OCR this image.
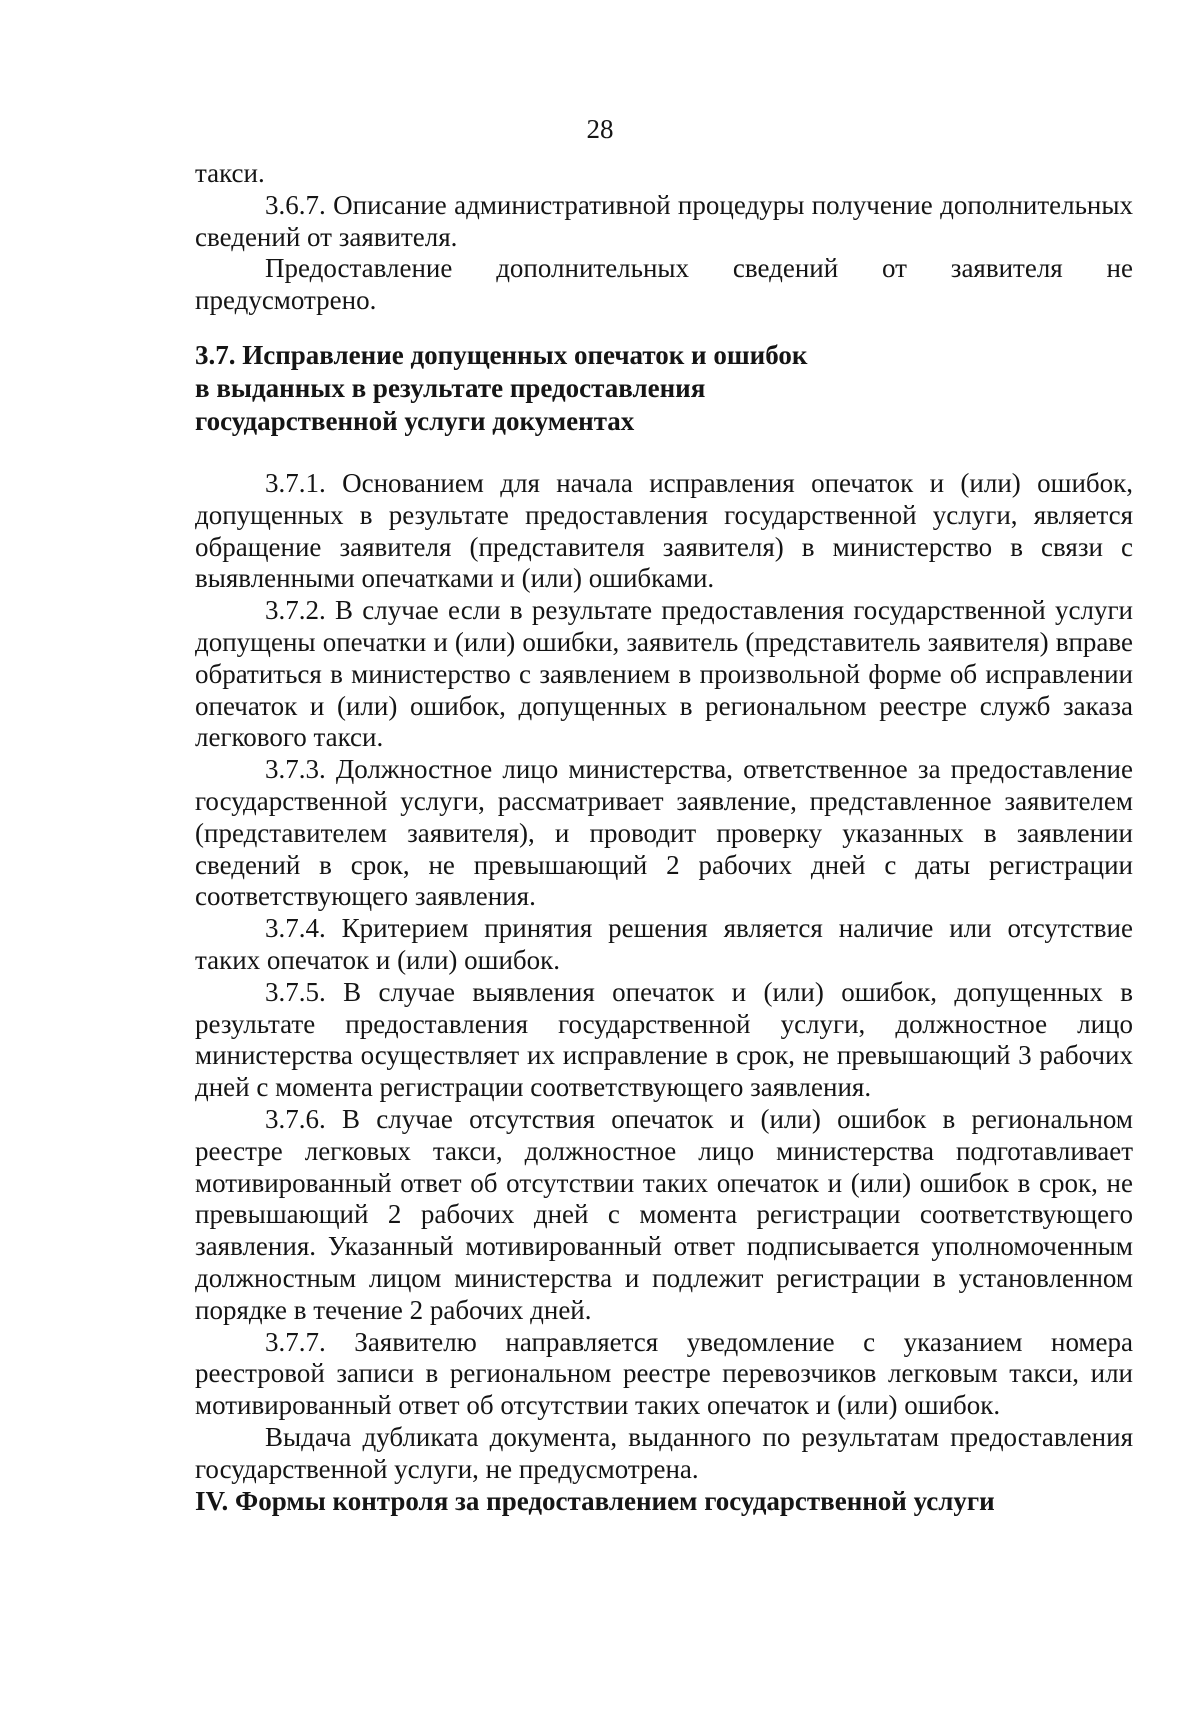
28

такси.

3.6.7. Описание административной процедуры получение дополнительных сведений от заявителя.

Предоставление дополнительных сведений от заявителя не предусмотрено.

3.7. Исправление допущенных опечаток и ошибок

в выданных в результате предоставления

государственной услуги документах

3.7.1. Основанием для начала исправления опечаток и (или) ошибок, допущенных в результате предоставления государственной услуги, является обращение заявителя (представителя заявителя) в министерство в связи с выявленными опечатками и (или) ошибками.

3.7.2. В случае если в результате предоставления государственной услуги допущены опечатки и (или) ошибки, заявитель (представитель заявителя) вправе обратиться в министерство с заявлением в произвольной форме об исправлении опечаток и (или) ошибок, допущенных в региональном реестре служб заказа легкового такси.

3.7.3. Должностное лицо министерства, ответственное за предоставление государственной услуги, рассматривает заявление, представленное заявителем (представителем заявителя), и проводит проверку указанных в заявлении сведений в срок, не превышающий 2 рабочих дней с даты регистрации соответствующего заявления.

3.7.4. Критерием принятия решения является наличие или отсутствие таких опечаток и (или) ошибок.

3.7.5. В случае выявления опечаток и (или) ошибок, допущенных в результате предоставления государственной услуги, должностное лицо министерства осуществляет их исправление в срок, не превышающий 3 рабочих дней с момента регистрации соответствующего заявления.

3.7.6. В случае отсутствия опечаток и (или) ошибок в региональном реестре легковых такси, должностное лицо министерства подготавливает мотивированный ответ об отсутствии таких опечаток и (или) ошибок в срок, не превышающий 2 рабочих дней с момента регистрации соответствующего заявления. Указанный мотивированный ответ подписывается уполномоченным должностным лицом министерства и подлежит регистрации в установленном порядке в течение 2 рабочих дней.

3.7.7. Заявителю направляется уведомление с указанием номера реестровой записи в региональном реестре перевозчиков легковым такси, или мотивированный ответ об отсутствии таких опечаток и (или) ошибок.

Выдача дубликата документа, выданного по результатам предоставления государственной услуги, не предусмотрена.

IV. Формы контроля за предоставлением государственной услуги
